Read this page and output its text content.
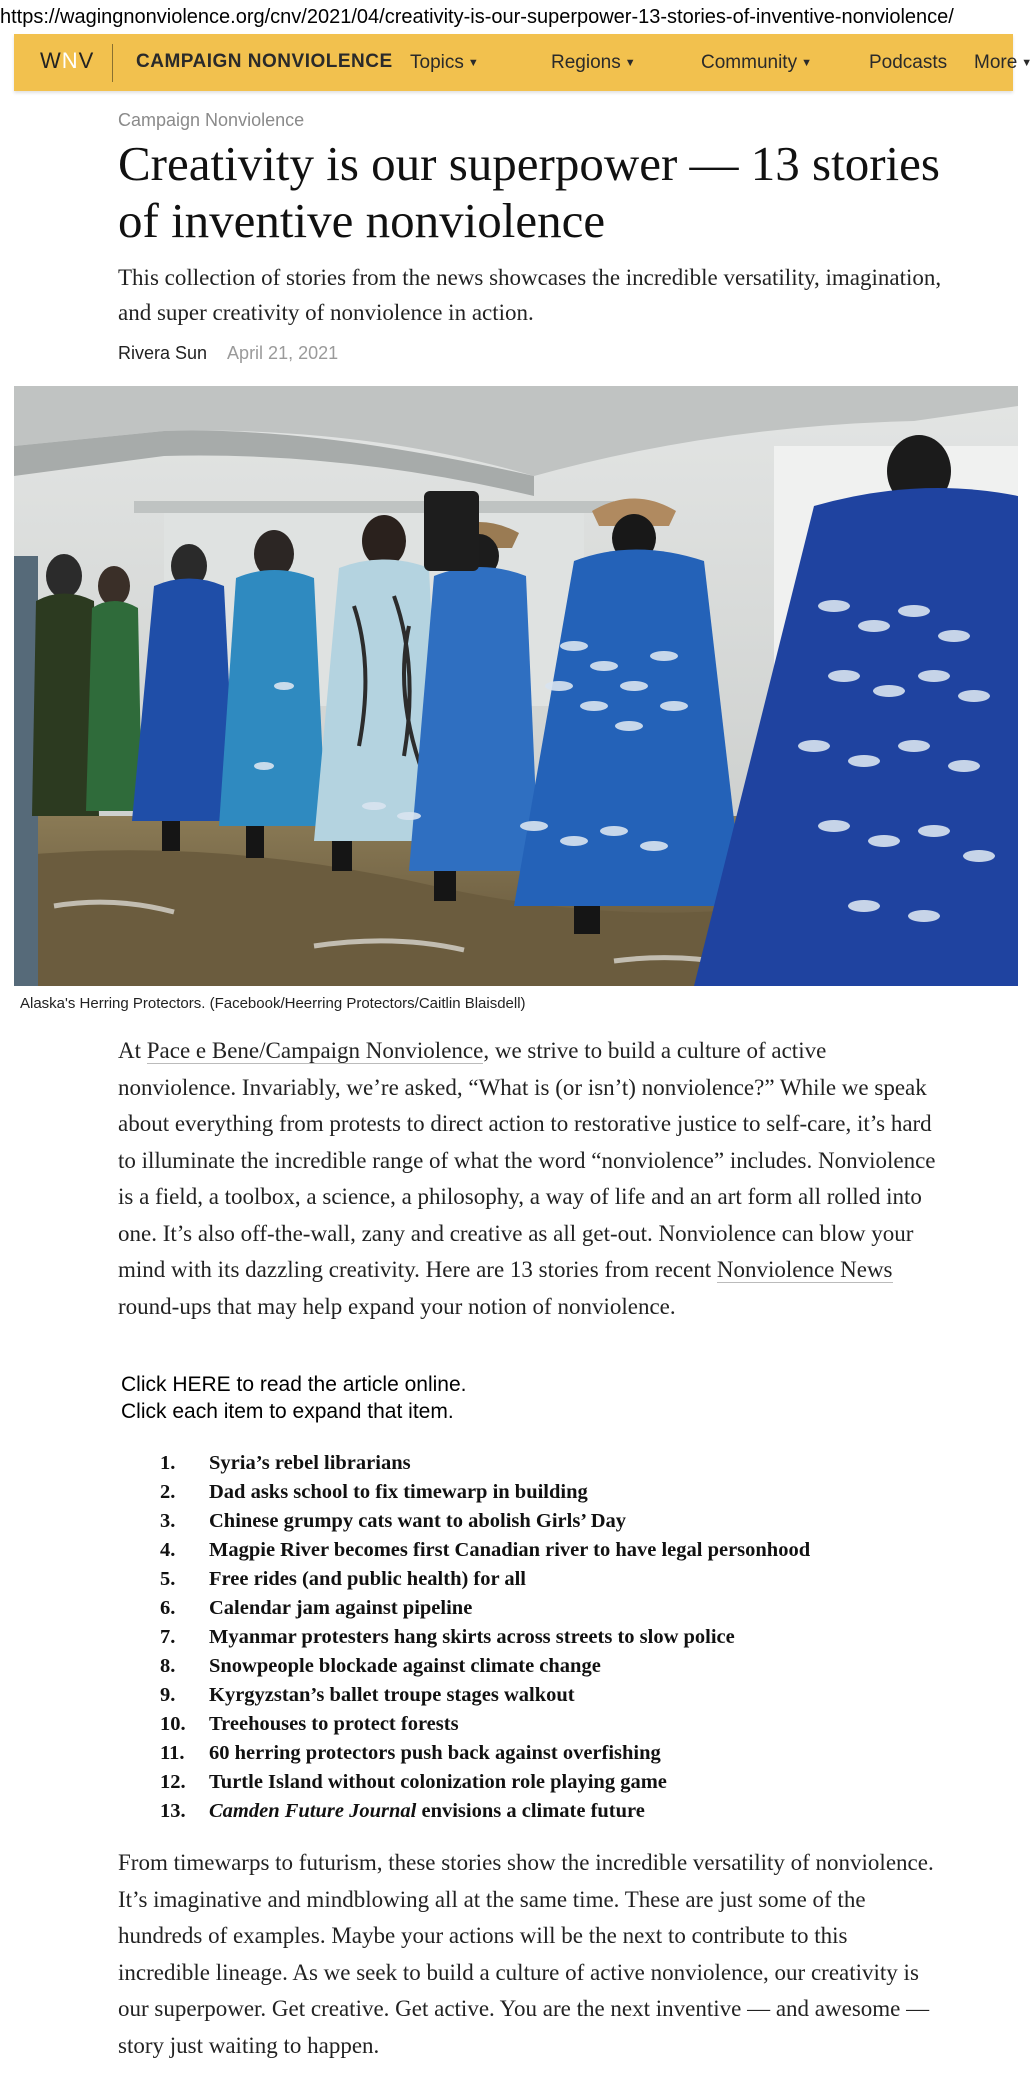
https://wagingnonviolence.org/cnv/2021/04/creativity-is-our-superpower-13-stories-of-inventive-nonviolence/
WNV CAMPAIGN NONVIOLENCE Topics ▼	Regions ▼	Community ▼	Podcasts More ▼
Campaign Nonviolence
Creativity is our superpower — 13 stories of inventive nonviolence
This collection of stories from the news showcases the incredible versatility, imagination, and super creativity of nonviolence in action.
Rivera Sun April 21, 2021
Alaska's Herring Protectors. (Facebook/Heerring Protectors/Caitlin Blaisdell)

At Pace e Bene/Campaign Nonviolence, we strive to build a culture of active nonviolence. Invariably, we’re asked, “What is (or isn’t) nonviolence?” While we speak about everything from protests to direct action to restorative justice to self-care, it’s hard to illuminate the incredible range of what the word “nonviolence” includes. Nonviolence is a field, a toolbox, a science, a philosophy, a way of life and an art form all rolled into one. It’s also off-the-wall, zany and creative as all get-out. Nonviolence can blow your mind with its dazzling creativity. Here are 13 stories from recent Nonviolence News round-ups that may help expand your notion of nonviolence.

Click HERE to read the article online.
Click each item to expand that item.
1. Syria’s rebel librarians
2. Dad asks school to fix timewarp in building
3. Chinese grumpy cats want to abolish Girls’ Day
4. Magpie River becomes first Canadian river to have legal personhood
5. Free rides (and public health) for all
6. Calendar jam against pipeline
7. Myanmar protesters hang skirts across streets to slow police
8. Snowpeople blockade against climate change
9. Kyrgyzstan’s ballet troupe stages walkout
10. Treehouses to protect forests
11. 60 herring protectors push back against overfishing
12. Turtle Island without colonization role playing game
13. Camden Future Journal envisions a climate future

From timewarps to futurism, these stories show the incredible versatility of nonviolence. It’s imaginative and mindblowing all at the same time. These are just some of the hundreds of examples. Maybe your actions will be the next to contribute to this incredible lineage. As we seek to build a culture of active nonviolence, our creativity is our superpower. Get creative. Get active. You are the next inventive — and awesome — story just waiting to happen.
